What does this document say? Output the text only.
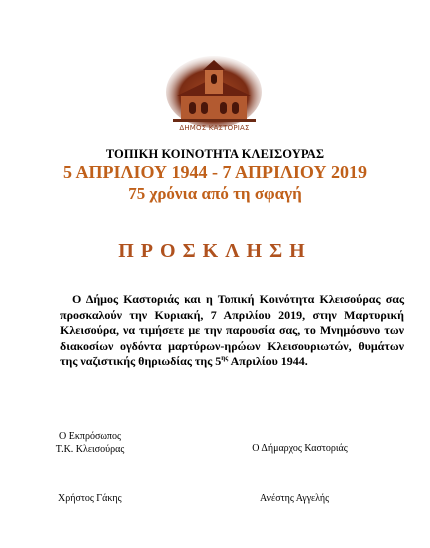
ΔΗΜΟΣ ΚΑΣΤΟΡΙΑΣ
ΤΟΠΙΚΗ ΚΟΙΝΟΤΗΤΑ ΚΛΕΙΣΟΥΡΑΣ
5 ΑΠΡΙΛΙΟΥ 1944 - 7 ΑΠΡΙΛΙΟΥ 2019
75 χρόνια από τη σφαγή
ΠΡΟΣΚΛΗΣΗ
Ο Δήμος Καστοριάς και η Τοπική Κοινότητα Κλεισούρας σας προσκαλούν την Κυριακή, 7 Απριλίου 2019, στην Μαρτυρική Κλεισούρα, να τιμήσετε με την παρουσία σας, το Μνημόσυνο των διακοσίων ογδόντα μαρτύρων-ηρώων Κλεισουριωτών, θυμάτων της ναζιστικής θηριωδίας της $5^{\eta\varsigma}$ Απριλίου 1944.
Ο Εκπρόσωπος
Τ.Κ. Κλεισούρας	Ο Δήμαρχος Καστοριάς
Χρήστος Γάκης	Ανέστης Αγγελής
